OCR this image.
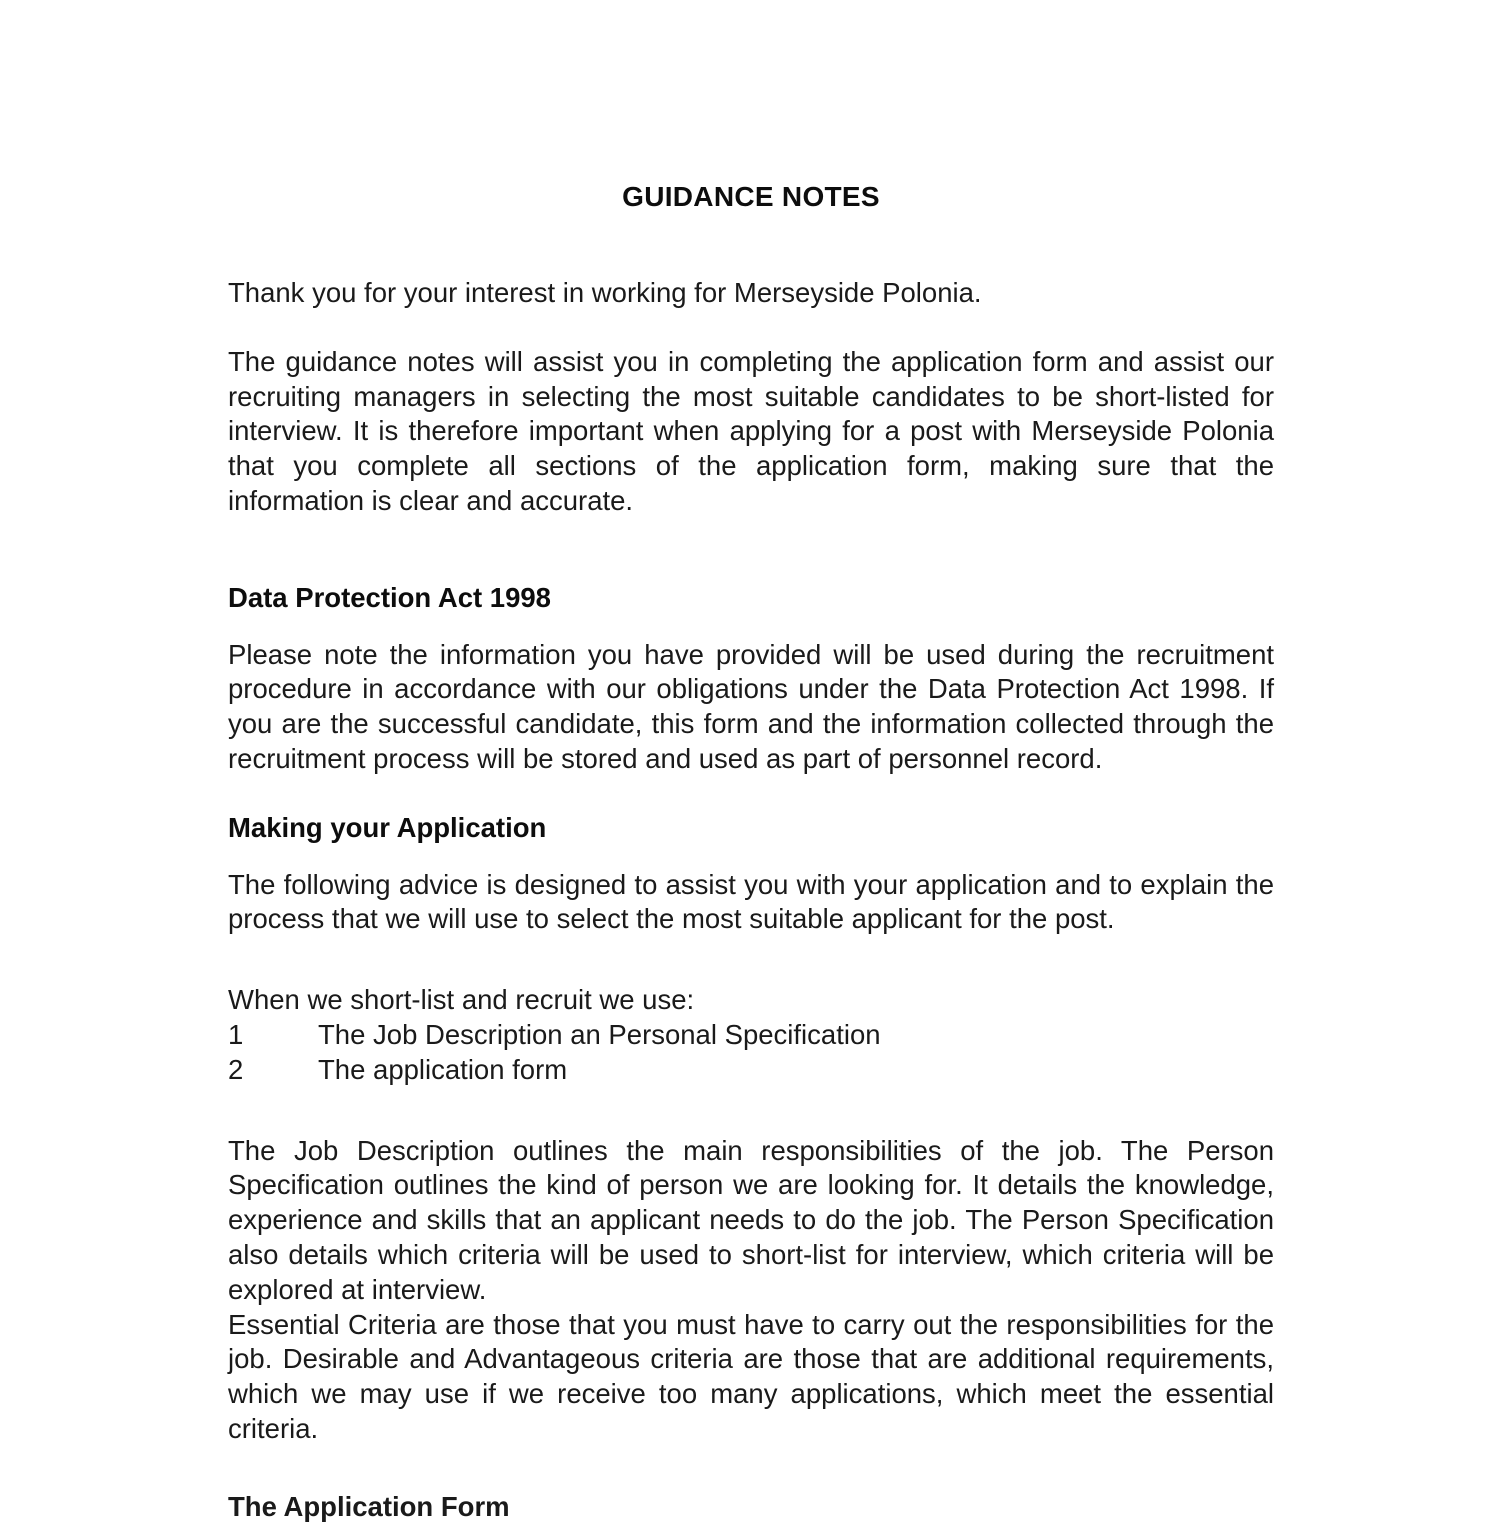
GUIDANCE NOTES

Thank you for your interest in working for Merseyside Polonia.

The guidance notes will assist you in completing the application form and assist our recruiting managers in selecting the most suitable candidates to be short-listed for interview. It is therefore important when applying for a post with Merseyside Polonia that you complete all sections of the application form, making sure that the information is clear and accurate.

Data Protection Act 1998

Please note the information you have provided will be used during the recruitment procedure in accordance with our obligations under the Data Protection Act 1998. If you are the successful candidate, this form and the information collected through the recruitment process will be stored and used as part of personnel record.

Making your Application

The following advice is designed to assist you with your application and to explain the process that we will use to select the most suitable applicant for the post.

When we short-list and recruit we use:

1	The Job Description an Personal Specification
2	The application form

The Job Description outlines the main responsibilities of the job. The Person Specification outlines the kind of person we are looking for. It details the knowledge, experience and skills that an applicant needs to do the job. The Person Specification also details which criteria will be used to short-list for interview, which criteria will be explored at interview.

Essential Criteria are those that you must have to carry out the responsibilities for the job. Desirable and Advantageous criteria are those that are additional requirements, which we may use if we receive too many applications, which meet the essential criteria.

The Application Form
